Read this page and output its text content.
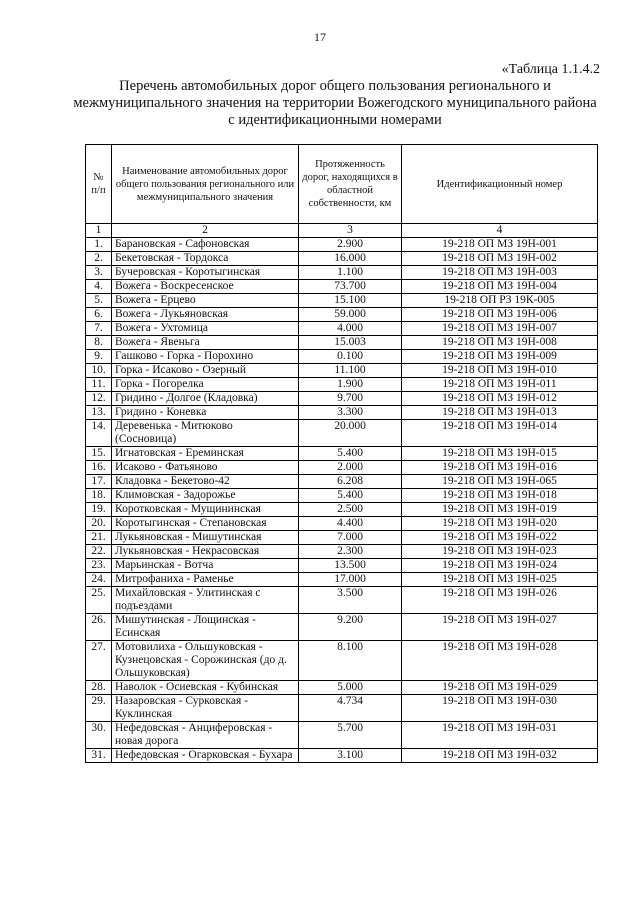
17
«Таблица 1.1.4.2
Перечень автомобильных дорог общего пользования регионального и межмуниципального значения на территории Вожегодского муниципального района с идентификационными номерами
№ п/п	Наименование автомобильных дорог общего пользования регионального или межмуниципального значения	Протяженность дорог, находящихся в областной собственности, км	Идентификационный номер
1	2	3	4
1.	Барановская - Сафоновская	2.900	19-218 ОП МЗ 19Н-001
2.	Бекетовская - Тордокса	16.000	19-218 ОП МЗ 19Н-002
3.	Бучеровская - Коротыгинская	1.100	19-218 ОП МЗ 19Н-003
4.	Вожега - Воскресенское	73.700	19-218 ОП МЗ 19Н-004
5.	Вожега - Ерцево	15.100	19-218 ОП РЗ 19К-005
6.	Вожега - Лукьяновская	59.000	19-218 ОП МЗ 19Н-006
7.	Вожега - Ухтомица	4.000	19-218 ОП МЗ 19Н-007
8.	Вожега - Явеньга	15.003	19-218 ОП МЗ 19Н-008
9.	Гашково - Горка - Порохино	0.100	19-218 ОП МЗ 19Н-009
10.	Горка - Исаково - Озерный	11.100	19-218 ОП МЗ 19Н-010
11.	Горка - Погорелка	1.900	19-218 ОП МЗ 19Н-011
12.	Гридино - Долгое (Кладовка)	9.700	19-218 ОП МЗ 19Н-012
13.	Гридино - Коневка	3.300	19-218 ОП МЗ 19Н-013
14.	Деревенька - Митюково (Сосновица)	20.000	19-218 ОП МЗ 19Н-014
15.	Игнатовская - Ереминская	5.400	19-218 ОП МЗ 19Н-015
16.	Исаково - Фатьяново	2.000	19-218 ОП МЗ 19Н-016
17.	Кладовка - Бекетово-42	6.208	19-218 ОП МЗ 19Н-065
18.	Климовская - Задорожье	5.400	19-218 ОП МЗ 19Н-018
19.	Коротковская - Мущининская	2.500	19-218 ОП МЗ 19Н-019
20.	Коротыгинская - Степановская	4.400	19-218 ОП МЗ 19Н-020
21.	Лукьяновская - Мишутинская	7.000	19-218 ОП МЗ 19Н-022
22.	Лукьяновская - Некрасовская	2.300	19-218 ОП МЗ 19Н-023
23.	Марьинская - Вотча	13.500	19-218 ОП МЗ 19Н-024
24.	Митрофаниха - Раменье	17.000	19-218 ОП МЗ 19Н-025
25.	Михайловская - Улитинская с подъездами	3.500	19-218 ОП МЗ 19Н-026
26.	Мишутинская - Лощинская - Есинская	9.200	19-218 ОП МЗ 19Н-027
27.	Мотовилиха - Ольшуковская - Кузнецовская - Сорожинская (до д. Ольшуковская)	8.100	19-218 ОП МЗ 19Н-028
28.	Наволок - Осиевская - Кубинская	5.000	19-218 ОП МЗ 19Н-029
29.	Назаровская - Сурковская - Куклинская	4.734	19-218 ОП МЗ 19Н-030
30.	Нефедовская - Анциферовская - новая дорога	5.700	19-218 ОП МЗ 19Н-031
31.	Нефедовская - Огарковская - Бухара	3.100	19-218 ОП МЗ 19Н-032
